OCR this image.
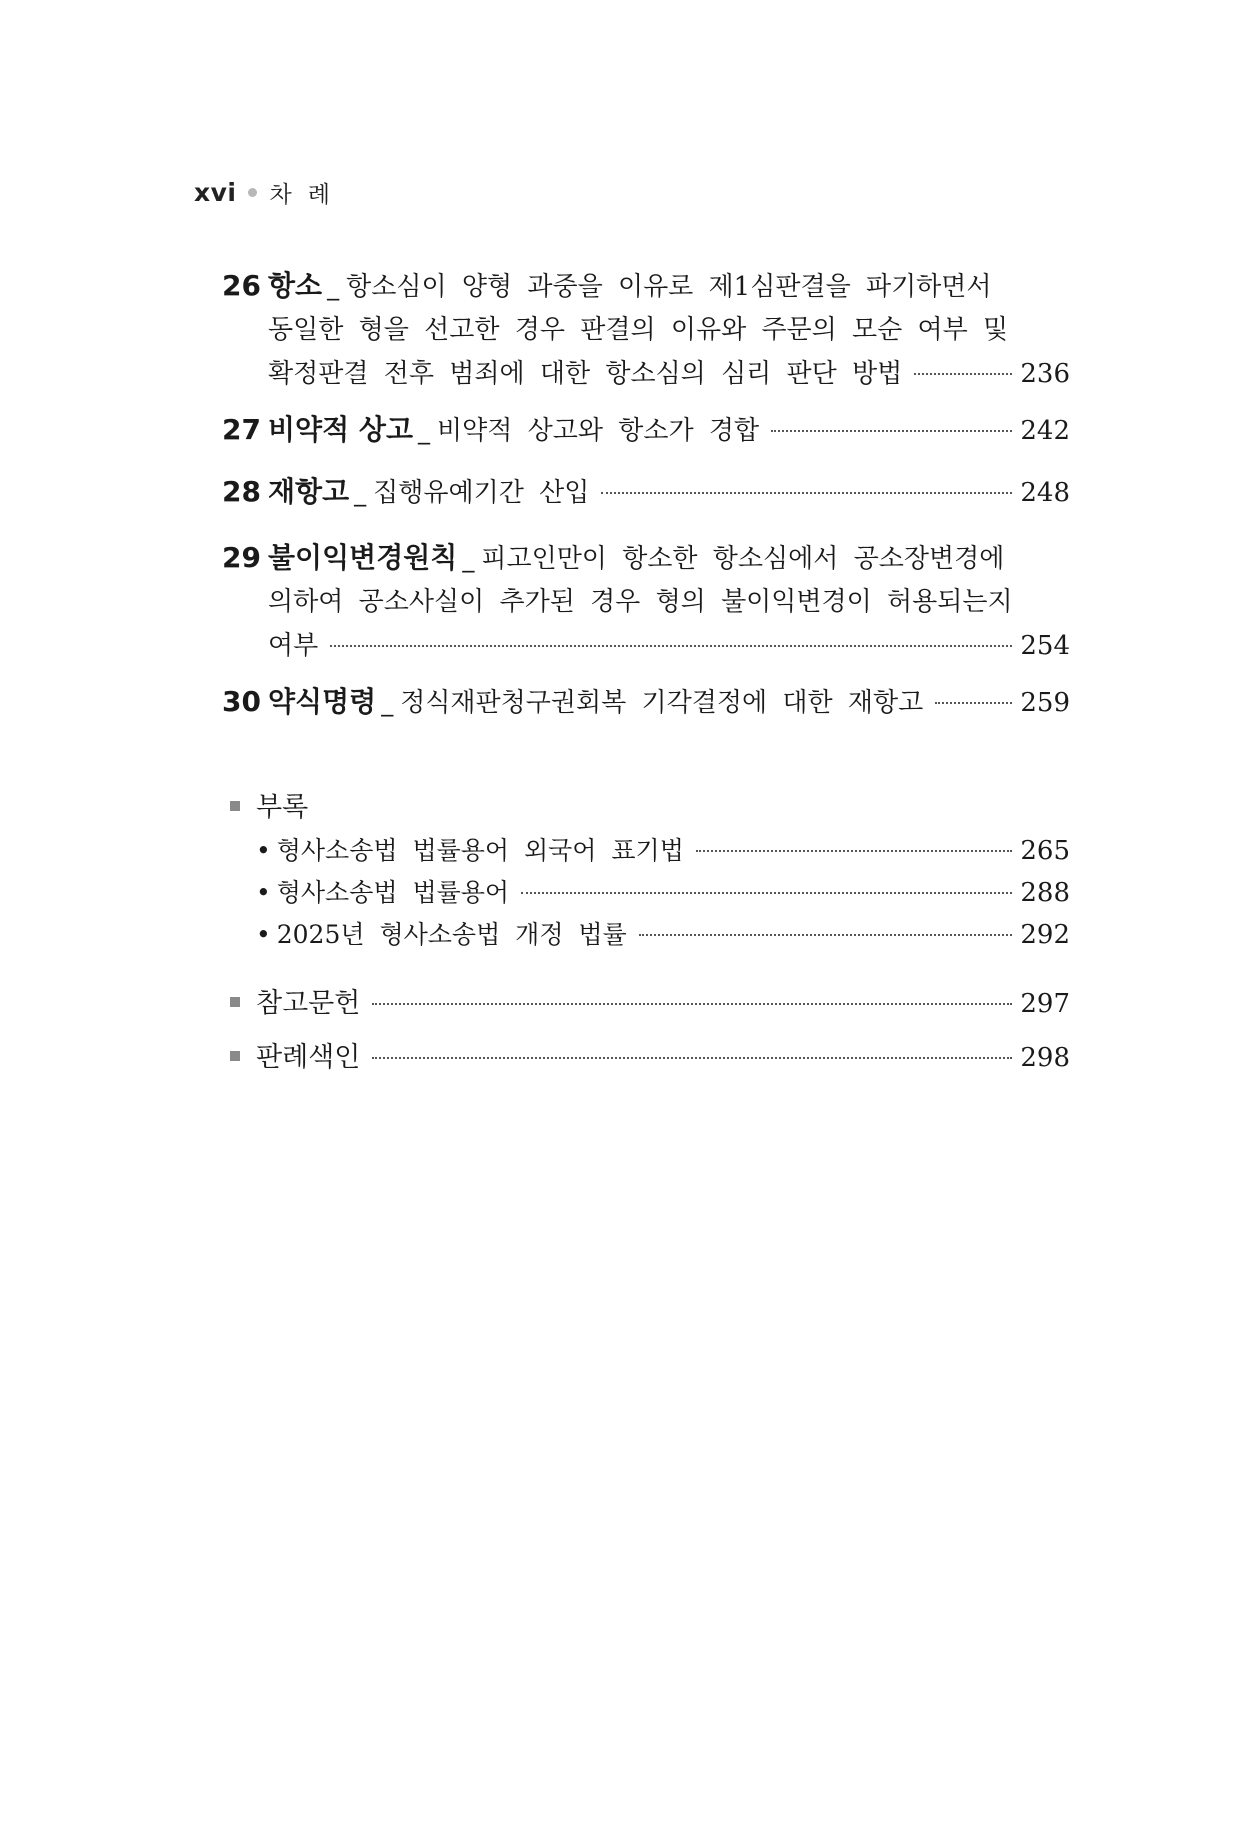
xvi 차례
26 항소 _ 항소심이 양형 과중을 이유로 제1심판결을 파기하면서
동일한 형을 선고한 경우 판결의 이유와 주문의 모순 여부 및
확정판결 전후 범죄에 대한 항소심의 심리 판단 방법	236
27 비약적 상고 _ 비약적 상고와 항소가 경합	242
28 재항고 _ 집행유예기간 산입	248
29 불이익변경원칙 _ 피고인만이 항소한 항소심에서 공소장변경에
의하여 공소사실이 추가된 경우 형의 불이익변경이 허용되는지
여부	254
30 약식명령 _ 정식재판청구권회복 기각결정에 대한 재항고	259
부록
• 형사소송법 법률용어 외국어 표기법	265
• 형사소송법 법률용어	288
• 2025년 형사소송법 개정 법률	292
참고문헌	297
판례색인	298
